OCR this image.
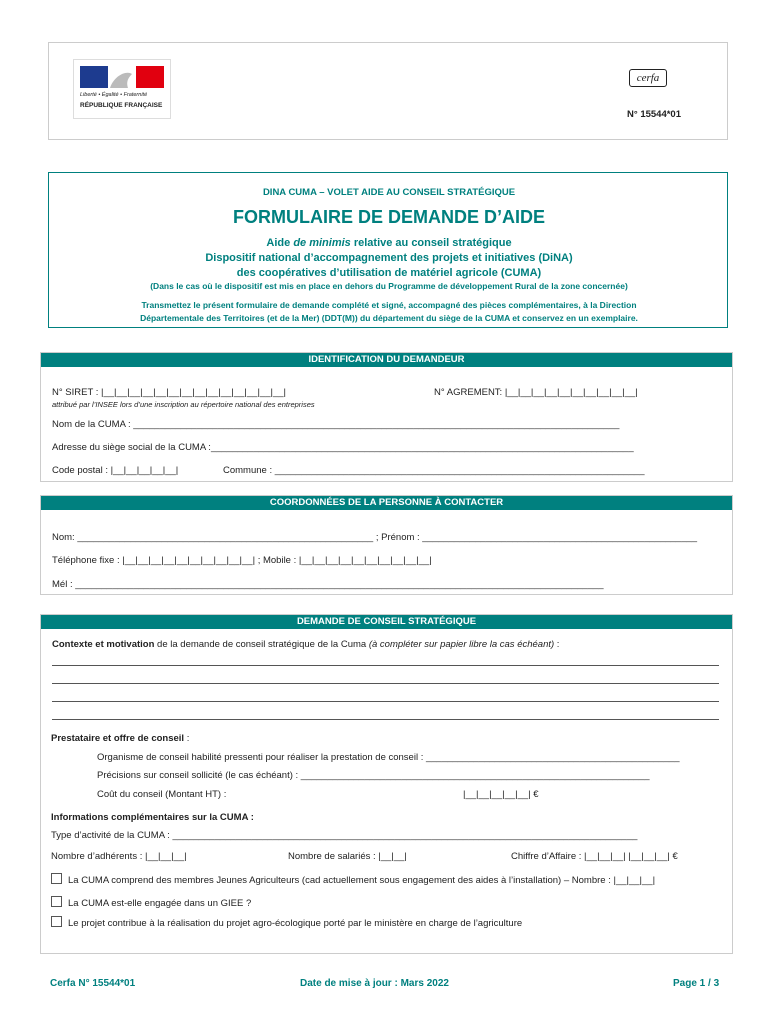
Liberté • Égalité • Fraternité
RÉPUBLIQUE FRANÇAISE
cerfa
N° 15544*01
DINA CUMA – VOLET AIDE AU CONSEIL STRATÉGIQUE
FORMULAIRE DE DEMANDE D’AIDE
Aide de minimis relative au conseil stratégique
Dispositif national d’accompagnement des projets et initiatives (DiNA)
des coopératives d’utilisation de matériel agricole (CUMA)
(Dans le cas où le dispositif est mis en place en dehors du Programme de développement Rural de la zone concernée)
Transmettez le présent formulaire de demande complété et signé, accompagné des pièces complémentaires, à la Direction
Départementale des Territoires (et de la Mer) (DDT(M)) du département du siège de la CUMA et conservez en un exemplaire.
IDENTIFICATION DU DEMANDEUR
N° SIRET : |__|__|__|__|__|__|__|__|__|__|__|__|__|__|	N° AGREMENT: |__|__|__|__|__|__|__|__|__|__|
attribué par l’INSEE lors d’une inscription au répertoire national des entreprises
Nom de la CUMA : ____________________________________________________________________________________________
Adresse du siège social de la CUMA :________________________________________________________________________________
Code postal : |__|__|__|__|__|	Commune : ______________________________________________________________________
COORDONNÉES DE LA PERSONNE À CONTACTER
Nom: ________________________________________________________ ; Prénom : ____________________________________________________
Téléphone fixe : |__|__|__|__|__|__|__|__|__|__| ; Mobile : |__|__|__|__|__|__|__|__|__|__|
Mél : ____________________________________________________________________________________________________
DEMANDE DE CONSEIL STRATÉGIQUE
Contexte et motivation de la demande de conseil stratégique de la Cuma (à compléter sur papier libre la cas échéant) :
Prestataire et offre de conseil :
Organisme de conseil habilité pressenti pour réaliser la prestation de conseil : ________________________________________________
Précisions sur conseil sollicité (le cas échéant) : __________________________________________________________________
Coût du conseil (Montant HT) :	|__|__|__|__|__| €
Informations complémentaires sur la CUMA :
Type d’activité de la CUMA : ________________________________________________________________________________________
Nombre d’adhérents : |__|__|__|	Nombre de salariés : |__|__|	Chiffre d’Affaire : |__|__|__| |__|__|__| €
La CUMA comprend des membres Jeunes Agriculteurs (cad actuellement sous engagement des aides à l’installation) – Nombre : |__|__|__|
La CUMA est-elle engagée dans un GIEE ?
Le projet contribue à la réalisation du projet agro-écologique porté par le ministère en charge de l’agriculture
Cerfa N° 15544*01	Date de mise à jour : Mars 2022	Page 1 / 3
